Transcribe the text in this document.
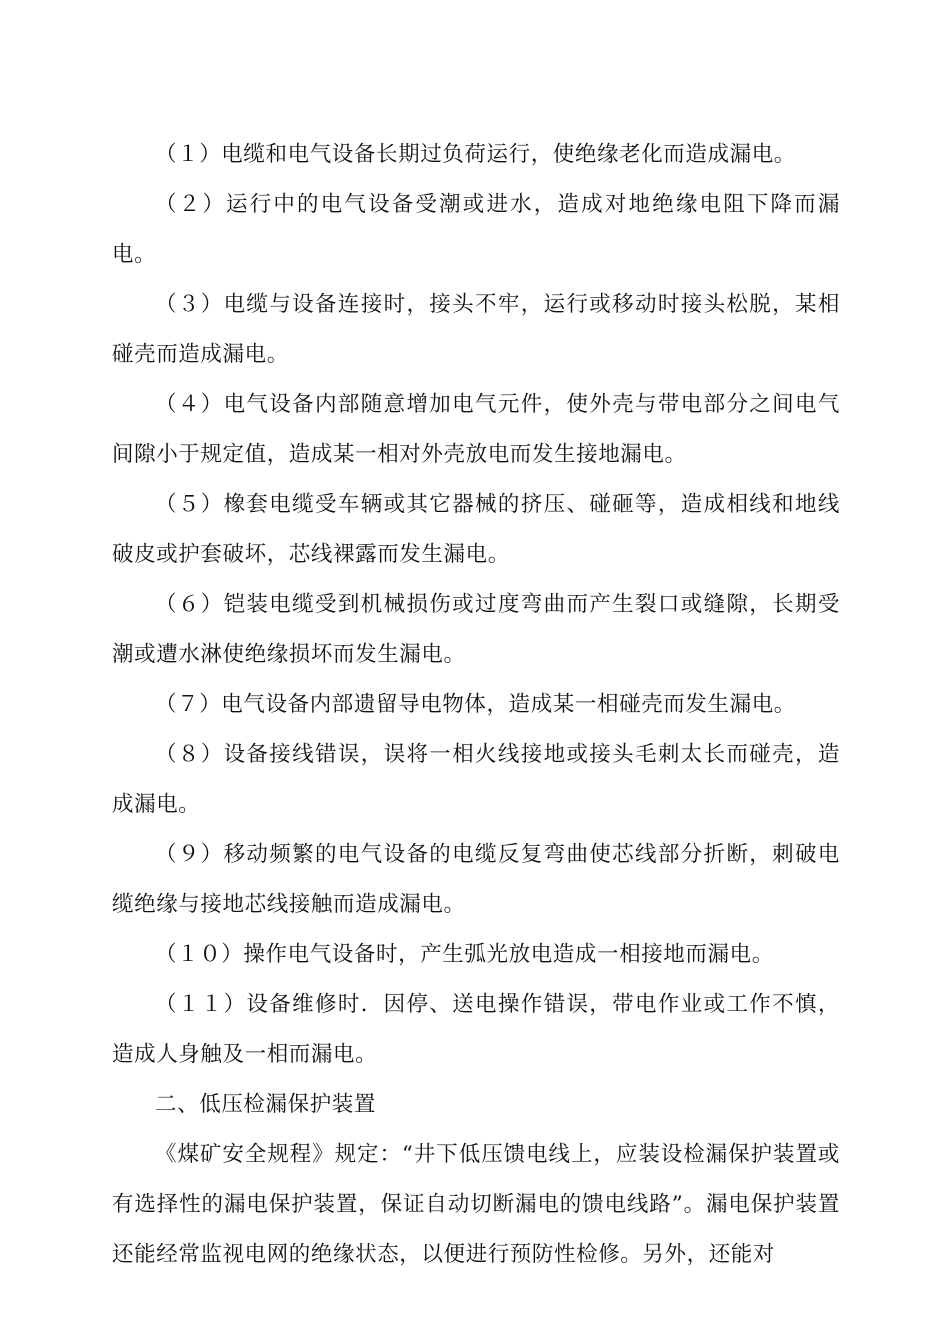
（１）电缆和电气设备长期过负荷运行，使绝缘老化而造成漏电。

（２）运行中的电气设备受潮或进水，造成对地绝缘电阻下降而漏电。

（３）电缆与设备连接时，接头不牢，运行或移动时接头松脱，某相碰壳而造成漏电。

（４）电气设备内部随意增加电气元件，使外壳与带电部分之间电气间隙小于规定值，造成某一相对外壳放电而发生接地漏电。

（５）橡套电缆受车辆或其它器械的挤压、碰砸等，造成相线和地线破皮或护套破坏，芯线裸露而发生漏电。

（６）铠装电缆受到机械损伤或过度弯曲而产生裂口或缝隙，长期受潮或遭水淋使绝缘损坏而发生漏电。

（７）电气设备内部遗留导电物体，造成某一相碰壳而发生漏电。

（８）设备接线错误，误将一相火线接地或接头毛刺太长而碰壳，造成漏电。

（９）移动频繁的电气设备的电缆反复弯曲使芯线部分折断，刺破电缆绝缘与接地芯线接触而造成漏电。

（１０）操作电气设备时，产生弧光放电造成一相接地而漏电。

（１１）设备维修时．因停、送电操作错误，带电作业或工作不慎，造成人身触及一相而漏电。

二、低压检漏保护装置

《煤矿安全规程》规定：“井下低压馈电线上，应装设检漏保护装置或有选择性的漏电保护装置，保证自动切断漏电的馈电线路”。漏电保护装置还能经常监视电网的绝缘状态，以便进行预防性检修。另外，还能对
